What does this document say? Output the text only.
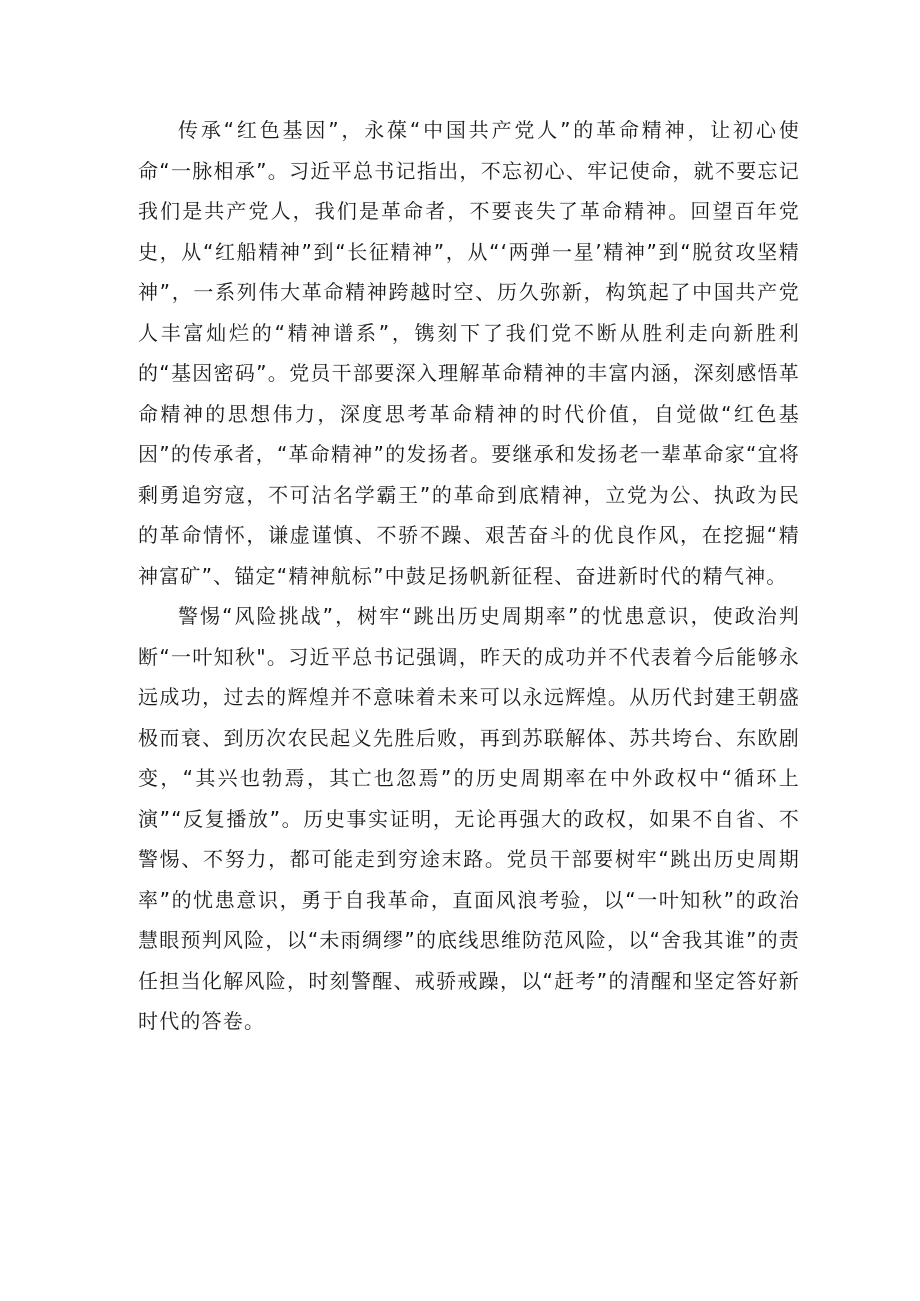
传承“红色基因”，永葆“中国共产党人”的革命精神，让初心使命“一脉相承”。习近平总书记指出，不忘初心、牢记使命，就不要忘记我们是共产党人，我们是革命者，不要丧失了革命精神。回望百年党史，从“红船精神”到“长征精神”，从“‘两弹一星’精神”到“脱贫攻坚精神”，一系列伟大革命精神跨越时空、历久弥新，构筑起了中国共产党人丰富灿烂的“精神谱系”，镌刻下了我们党不断从胜利走向新胜利的“基因密码”。党员干部要深入理解革命精神的丰富内涵，深刻感悟革命精神的思想伟力，深度思考革命精神的时代价值，自觉做“红色基因”的传承者，“革命精神”的发扬者。要继承和发扬老一辈革命家“宜将剩勇追穷寇，不可沽名学霸王”的革命到底精神，立党为公、执政为民的革命情怀，谦虚谨慎、不骄不躁、艰苦奋斗的优良作风，在挖掘“精神富矿”、锚定“精神航标”中鼓足扬帆新征程、奋进新时代的精气神。

警惕“风险挑战”，树牢“跳出历史周期率”的忧患意识，使政治判断“一叶知秋"。习近平总书记强调，昨天的成功并不代表着今后能够永远成功，过去的辉煌并不意味着未来可以永远辉煌。从历代封建王朝盛极而衰、到历次农民起义先胜后败，再到苏联解体、苏共垮台、东欧剧变，“其兴也勃焉，其亡也忽焉”的历史周期率在中外政权中“循环上演”“反复播放”。历史事实证明，无论再强大的政权，如果不自省、不警惕、不努力，都可能走到穷途末路。党员干部要树牢“跳出历史周期率”的忧患意识，勇于自我革命，直面风浪考验，以“一叶知秋”的政治慧眼预判风险，以“未雨绸缪”的底线思维防范风险，以“舍我其谁”的责任担当化解风险，时刻警醒、戒骄戒躁，以“赶考”的清醒和坚定答好新时代的答卷。
